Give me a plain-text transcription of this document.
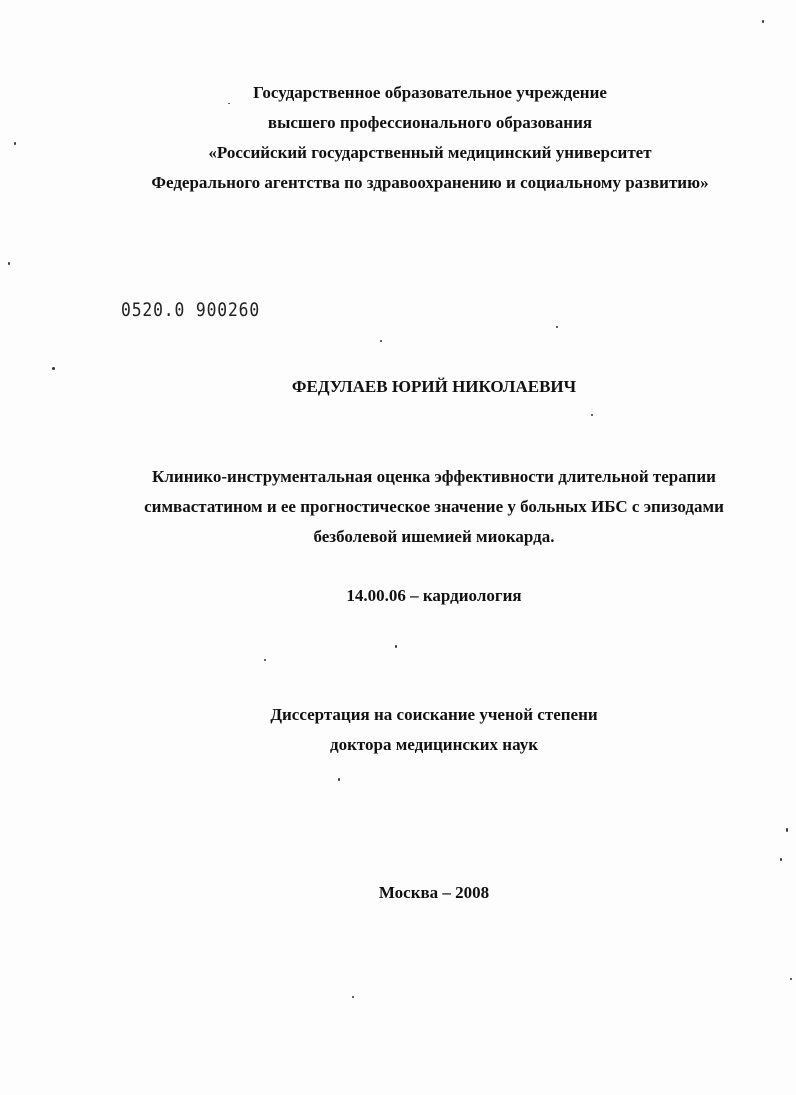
Государственное образовательное учреждение
высшего профессионального образования
«Российский государственный медицинский университет
Федерального агентства по здравоохранению и социальному развитию»
0520.0 900260
ФЕДУЛАЕВ ЮРИЙ НИКОЛАЕВИЧ
Клинико-инструментальная оценка эффективности длительной терапии
симвастатином и ее прогностическое значение у больных ИБС с эпизодами
безболевой ишемией миокарда.
14.00.06 – кардиология
Диссертация на соискание ученой степени
доктора медицинских наук
Москва – 2008
